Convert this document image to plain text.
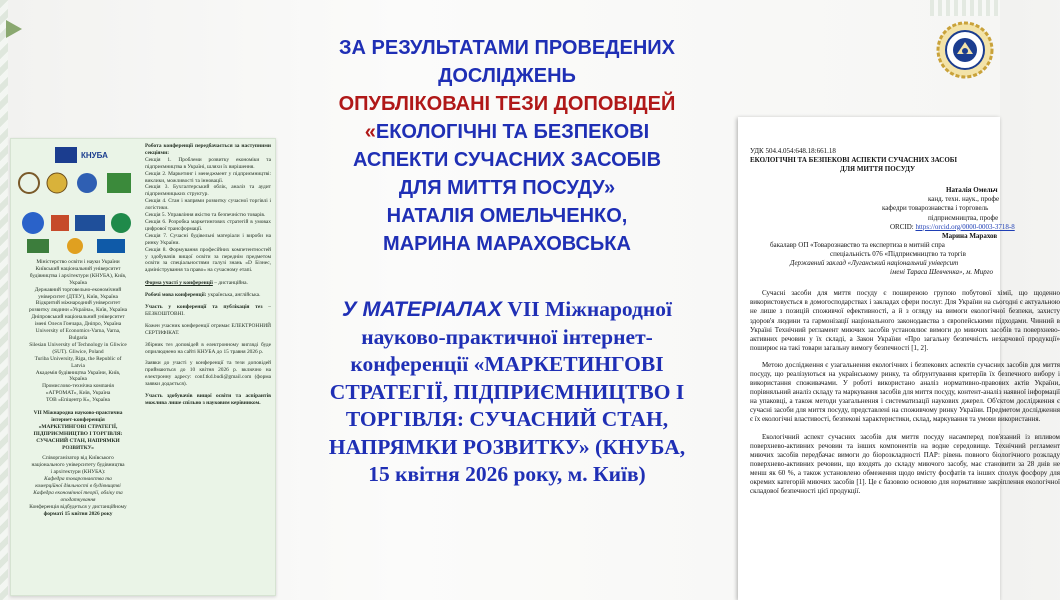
КНУБА
Міністерство освіти і науки України
Київський національний університет
будівництва і архітектури (КНУБА), Київ,
Україна
Державний торговельно-економічний
університет (ДТЕУ), Київ, Україна
Відкритий міжнародний університет
розвитку людини «Україна», Київ, Україна
Дніпровський національний університет
імені Олеся Гончара, Дніпро, Україна
University of Economics-Varna, Varna,
Bulgaria
Silesian University of Technology in Gliwice
(SUT). Gliwice, Poland
Turiba University, Riga, the Republic of
Latvia
Академія будівництва України, Київ,
Україна
Промислово-технічна компанія
«АГРОМАТ», Київ, Україна
ТОВ «Епіцентр К», Україна
VII Міжнародна науково-практична
інтернет-конференція
«МАРКЕТИНГОВІ СТРАТЕГІЇ,
ПІДПРИЄМНИЦТВО І ТОРГІВЛЯ:
СУЧАСНИЙ СТАН, НАПРЯМКИ
РОЗВИТКУ»
Співорганізатор від Київського
національного університету будівництва
і архітектури (КНУБА):
Кафедра товарознавства та
комерційної діяльності в будівництві
Кафедра економічної теорії, обліку та
оподаткування
Конференція відбудеться у дистанційному
форматі 15 квітня 2026 року
Робота конференції передбачається за наступними секціями:
Секція 1. Проблеми розвитку економіки та підприємництва в Україні, шляхи їх вирішення.
Секція 2. Маркетинг і менеджмент у підприємництві: виклики, можливості та інновації.
Секція 3. Бухгалтерський облік, аналіз та аудит підприємницьких структур.
Секція 4. Стан і напрями розвитку сучасної торгівлі і логістики.
Секція 5. Управління якістю та безпечністю товарів.
Секція 6. Розробка маркетингових стратегій в умовах цифрової трансформації.
Секція 7. Сучасні будівельні матеріали і вироби на ринку України.
Секція 8. Формування професійних компетентностей у здобувачів вищої освіти за переднім предметом освіти за спеціальностями галузі знань «D Бізнес, адміністрування та право» на сучасному етапі.
Форма участі у конференції – дистанційна.
Робочі мова конференції: українська, англійська.
Участь у конференції та публікація тез – БЕЗКОШТОВНІ.
Кожен учасник конференції отримає ЕЛЕКТРОННИЙ СЕРТИФІКАТ.
Збірник тез доповідей в електронному вигляді буде оприлюднено на сайті КНУБА до 15 травня 2026 р.
Заявки до участі у конференції та тези доповідей приймаються до 10 квітня 2026 р. включно на електронну адресу: conf.tkd.budi@gmail.com (форма заявки додається).
Участь здобувачів вищої освіти та аспірантів можлива лише спільно з науковим керівником.
ЗА РЕЗУЛЬТАТАМИ ПРОВЕДЕНИХ
ДОСЛІДЖЕНЬ
ОПУБЛІКОВАНІ ТЕЗИ ДОПОВІДЕЙ
«ЕКОЛОГІЧНІ ТА БЕЗПЕКОВІ
АСПЕКТИ СУЧАСНИХ ЗАСОБІВ
ДЛЯ МИТТЯ ПОСУДУ»
НАТАЛІЯ ОМЕЛЬЧЕНКО,
МАРИНА МАРАХОВСЬКА
У МАТЕРІАЛАХ VII Міжнародної
науково-практичної інтернет-
конференції «МАРКЕТИНГОВІ
СТРАТЕГІЇ, ПІДПРИЄМНИЦТВО І
ТОРГІВЛЯ: СУЧАСНИЙ СТАН,
НАПРЯМКИ РОЗВИТКУ» (КНУБА,
15 квітня 2026 року, м. Київ)
УДК 504.4.054:648.18:661.18
ЕКОЛОГІЧНІ ТА БЕЗПЕКОВІ АСПЕКТИ СУЧАСНИХ ЗАСОБІ
ДЛЯ МИТТЯ ПОСУДУ
Наталія Омельч
канд. техн. наук., профе
кафедри товарознавства і торговель
підприємництва, профе
ORCID: https://orcid.org/0000-0003-3718-8
Марина Марахов
бакалавр ОП «Товарознавство та експертиза в митній спра
спеціальність 076 «Підприємництво та торгів
Державний заклад «Луганський національний університ
імені Тараса Шевченка», м. Мирго
Сучасні засоби для миття посуду є поширеною групою побутової хімії, що щоденно використовується в домогосподарствах і закладах сфери послуг. Для України на сьогодні є актуальною не лише з позицій споживчої ефективності, а й з огляду на вимоги екологічної безпеки, захисту здоров'я людини та гармонізації національного законодавства з європейськими підходами. Чинний в Україні Технічний регламент миючих засобів установлює вимоги до миючих засобів та поверхнево-активних речовин у їх складі, а Закон України «Про загальну безпечність нехарчової продукції» поширює на такі товари загальну вимогу безпечності [1, 2].
Метою дослідження є узагальнення екологічних і безпекових аспектів сучасних засобів для миття посуду, що реалізуються на українському ринку, та обґрунтування критеріїв їх безпечного вибору і використання споживачами. У роботі використано аналіз нормативно-правових актів України, порівняльний аналіз складу та маркування засобів для миття посуду, контент-аналіз наявної інформації на упаковці, а також методи узагальнення і систематизації наукових джерел. Об'єктом дослідження є сучасні засоби для миття посуду, представлені на споживчому ринку України. Предметом дослідження є їх екологічні властивості, безпекові характеристики, склад, маркування та умови використання.
Екологічний аспект сучасних засобів для миття посуду насамперед пов'язаний із впливом поверхнево-активних речовин та інших компонентів на водне середовище. Технічний регламент миючих засобів передбачає вимоги до біорозкладності ПАР: рівень повного біологічного розкладу поверхнево-активних речовин, що входять до складу миючого засобу, має становити за 28 днів не менш як 60 %, а також установлено обмеження щодо вмісту фосфатів та інших сполук фосфору для окремих категорій миючих засобів [1]. Це є базовою основою для нормативне закріплення екологічної складової безпечності цієї продукції.
